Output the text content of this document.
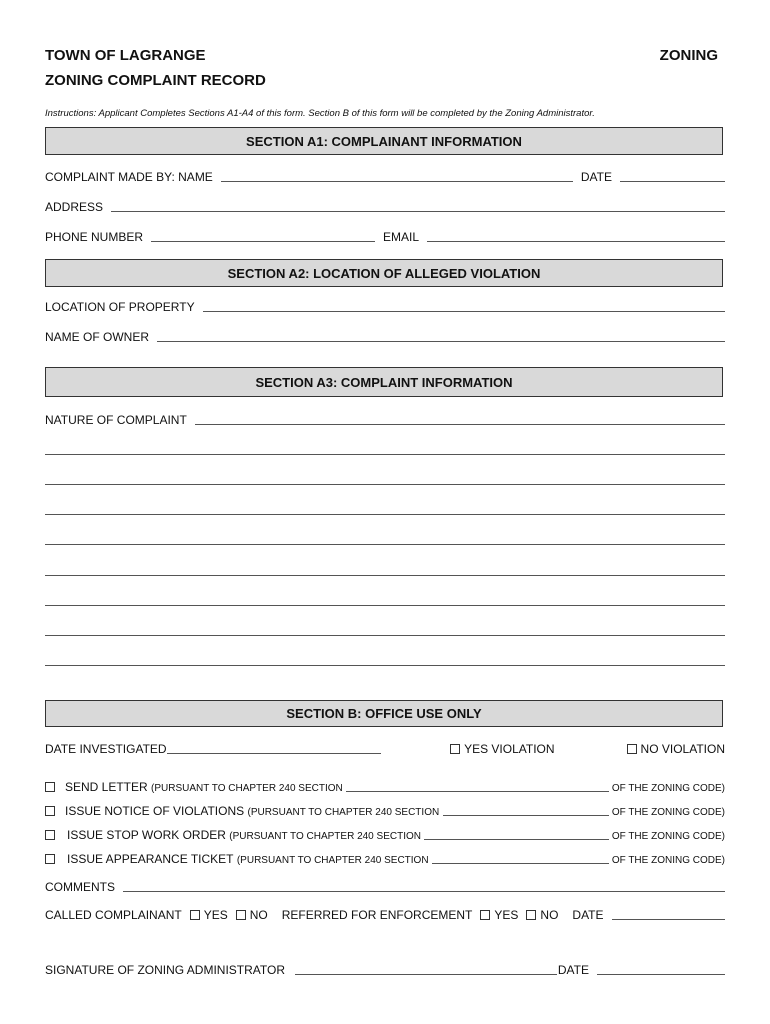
TOWN OF LAGRANGE	ZONING
ZONING COMPLAINT RECORD
Instructions: Applicant Completes Sections A1-A4 of this form. Section B of this form will be completed by the Zoning Administrator.
SECTION A1: COMPLAINANT INFORMATION
COMPLAINT MADE BY: NAME	DATE
ADDRESS
PHONE NUMBER	EMAIL
SECTION A2: LOCATION OF ALLEGED VIOLATION
LOCATION OF PROPERTY
NAME OF OWNER
SECTION A3: COMPLAINT INFORMATION
NATURE OF COMPLAINT
SECTION B: OFFICE USE ONLY
DATE INVESTIGATED	YES VIOLATION	NO VIOLATION
SEND LETTER
(PURSUANT TO CHAPTER 240 SECTION

	OF THE ZONING CODE)
ISSUE NOTICE OF VIOLATIONS
(PURSUANT TO CHAPTER 240 SECTION

	OF THE ZONING CODE)
ISSUE STOP WORK ORDER
(PURSUANT TO CHAPTER 240 SECTION

	OF THE ZONING CODE)
ISSUE APPEARANCE TICKET
(PURSUANT TO CHAPTER 240 SECTION

	OF THE ZONING CODE)
COMMENTS
CALLED COMPLAINANT YES NO REFERRED FOR ENFORCEMENT YES NO DATE
SIGNATURE OF ZONING ADMINISTRATOR	DATE
